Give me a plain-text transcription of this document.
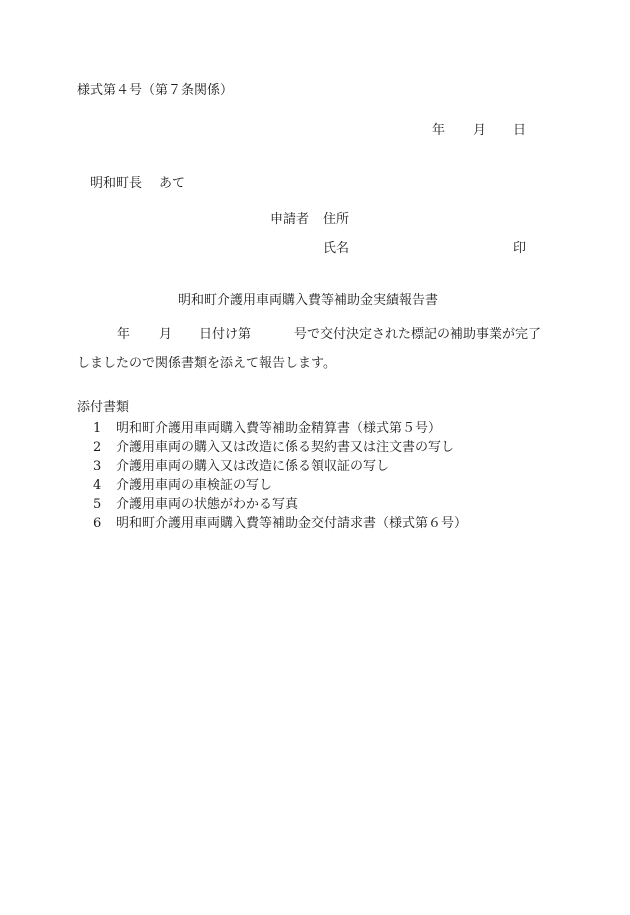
様式第４号（第７条関係）
年 月 日
明和町長 あて
申請者 住所
氏名	印
明和町介護用車両購入費等補助金実績報告書
年 月 日付け第	号で交付決定された標記の補助事業が完了
しましたので関係書類を添えて報告します。
添付書類
1	明和町介護用車両購入費等補助金精算書（様式第５号）
2	介護用車両の購入又は改造に係る契約書又は注文書の写し
3	介護用車両の購入又は改造に係る領収証の写し
4	介護用車両の車検証の写し
5	介護用車両の状態がわかる写真
6	明和町介護用車両購入費等補助金交付請求書（様式第６号）
